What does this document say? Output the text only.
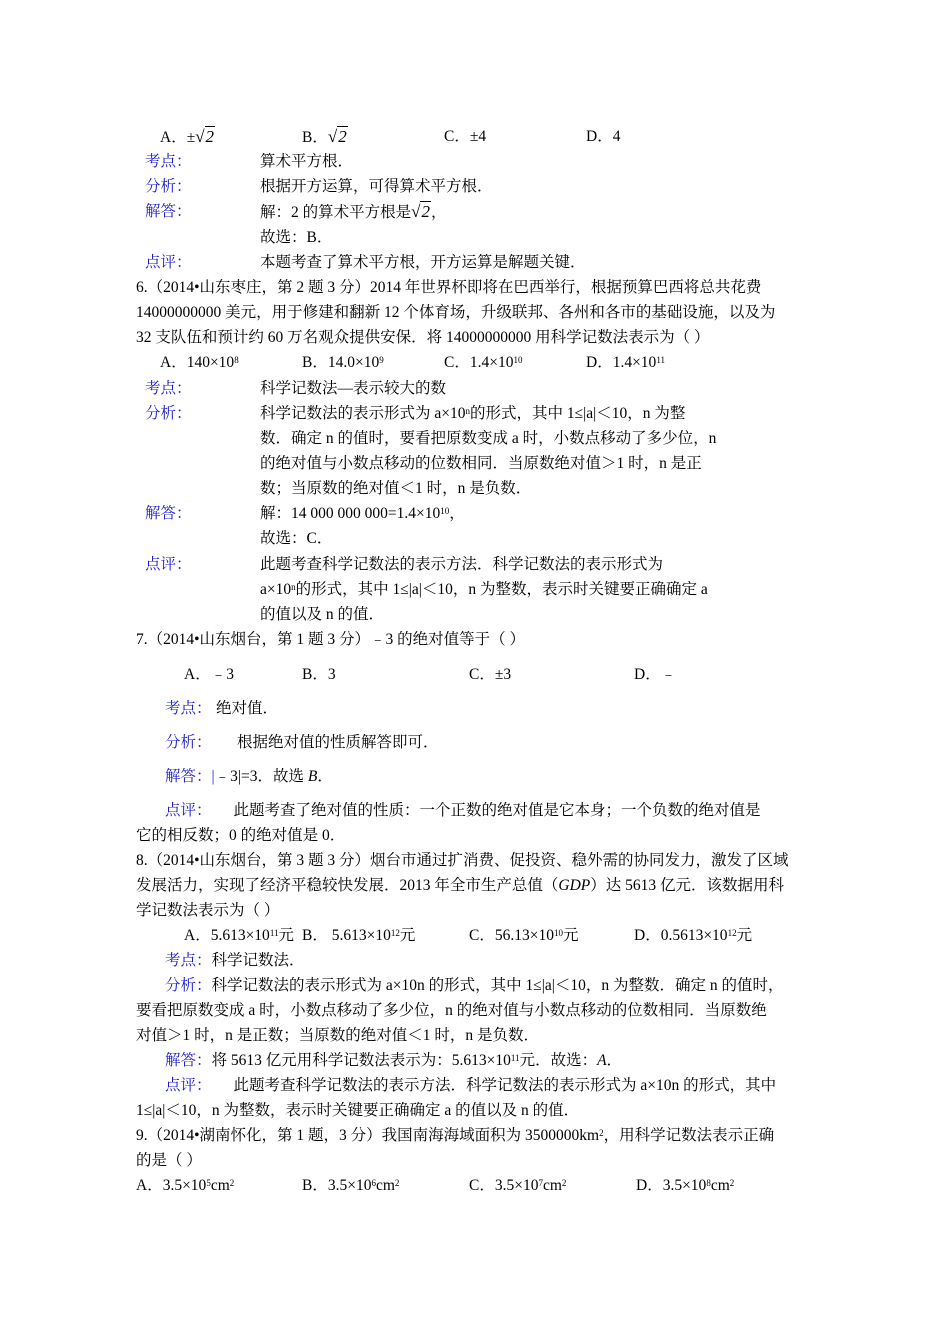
A．±√2	B．√2	C．±4	D．4
考点：	算术平方根．
分析：	根据开方运算，可得算术平方根．
解答：	解：2 的算术平方根是√2，
故选：B．
点评：	本题考查了算术平方根，开方运算是解题关键．
6.（2014•山东枣庄，第 2 题 3 分）2014 年世界杯即将在巴西举行，根据预算巴西将总共花费
14000000000 美元，用于修建和翻新 12 个体育场，升级联邦、各州和各市的基础设施，以及为
32 支队伍和预计约 60 万名观众提供安保．将 14000000000 用科学记数法表示为（ ）
A．$140\times 10^8$	B．$14.0\times 10^9$	C．$1.4\times 10^{10}$	D．$1.4\times 10^{11}$
考点：	科学记数法—表示较大的数
分析：	科学记数法的表示形式为 $a\times 10^n$的形式，其中 1≤|a|＜10，n 为整
数．确定 n 的值时，要看把原数变成 a 时，小数点移动了多少位，n
的绝对值与小数点移动的位数相同．当原数绝对值＞1 时，n 是正
数；当原数的绝对值＜1 时，n 是负数．
解答：	解：14 000 000 $000=1.4\times 10^{10}$，
故选：C．
点评：	此题考查科学记数法的表示方法．科学记数法的表示形式为
$a\times 10^n$的形式，其中 1≤|a|＜10，n 为整数，表示时关键要正确确定 a
的值以及 n 的值．
7.（2014•山东烟台，第 1 题 3 分）﹣3 的绝对值等于（ ）
A．﹣3	B．3	C．±3	D．﹣
考点： 绝对值．
分析： 根据绝对值的性质解答即可．
解答：|﹣3|=3．故选 B．
点评： 此题考查了绝对值的性质：一个正数的绝对值是它本身；一个负数的绝对值是
它的相反数；0 的绝对值是 0．
8.（2014•山东烟台，第 3 题 3 分）烟台市通过扩消费、促投资、稳外需的协同发力，激发了区域
发展活力，实现了经济平稳较快发展．2013 年全市生产总值（GDP）达 5613 亿元．该数据用科
学记数法表示为（ ）
A．$5.613\times 10^{11}$元 B． $5.613\times 10^{12}$元	C．$56.13\times 10^{10}$元	D．$0.5613\times 10^{12}$元
考点：科学记数法．
分析：科学记数法的表示形式为 a×10n 的形式，其中 1≤|a|＜10，n 为整数．确定 n 的值时，
要看把原数变成 a 时，小数点移动了多少位，n 的绝对值与小数点移动的位数相同．当原数绝
对值＞1 时，n 是正数；当原数的绝对值＜1 时，n 是负数．
解答：将 5613 亿元用科学记数法表示为：$5.613\times 10^{11}$元．故选：A．
点评： 此题考查科学记数法的表示方法．科学记数法的表示形式为 a×10n 的形式，其中
1≤|a|＜10，n 为整数，表示时关键要正确确定 a 的值以及 n 的值．
9.（2014•湖南怀化，第 1 题，3 分）我国南海海域面积为 $3500000km^2$，用科学记数法表示正确
的是（ ）
A．$3.5\times 10^5cm^2$	B．$3.5\times 10^6cm^2$	C．$3.5\times 10^7cm^2$	D．$3.5\times 10^8cm^2$
